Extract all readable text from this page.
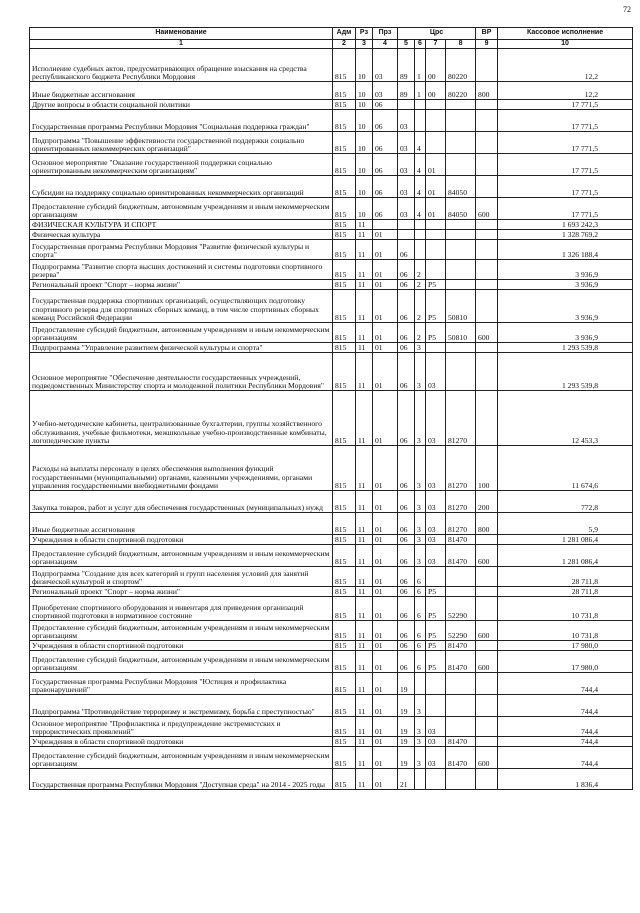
72
Наименование	Адм	Рз	Прз	Црс				ВР	Кассовое исполнение
1	2	3	4	5	6	7	8	9	10
Исполнение судебных актов, предусматривающих обращение взыскания на средства республиканского бюджета Республики Мордовия	815	10	03	89	1	00	80220		12,2
Иные бюджетные ассигнования	815	10	03	89	1	00	80220	800	12,2
Другие вопросы в области социальной политики	815	10	06						17 771,5
Государственная программа Республики Мордовия "Социальная поддержка граждан"	815	10	06	03					17 771,5
Подпрограмма "Повышение эффективности государственной поддержки социально ориентированных некоммерческих организаций"	815	10	06	03	4				17 771,5
Основное мероприятие "Оказание государственной поддержки социально ориентированным некоммерческим организациям"	815	10	06	03	4	01			17 771,5
Субсидии на поддержку социально ориентированных некоммерческих организаций	815	10	06	03	4	01	84050		17 771,5
Предоставление субсидий бюджетным, автономным учреждениям и иным некоммерческим организациям	815	10	06	03	4	01	84050	600	17 771,5
ФИЗИЧЕСКАЯ КУЛЬТУРА И СПОРТ	815	11							1 693 242,3
Физическая культура	815	11	01						1 328 769,2
Государственная программа Республики Мордовия "Развитие физической культуры и спорта"	815	11	01	06					1 326 188,4
Подпрограмма "Развитие спорта высших достижений и системы подготовки спортивного резерва"	815	11	01	06	2				3 936,9
Региональный проект "Спорт – норма жизни"	815	11	01	06	2	P5			3 936,9
Государственная поддержка спортивных организаций, осуществляющих подготовку спортивного резерва для спортивных сборных команд, в том числе спортивных сборных команд Российской Федерации	815	11	01	06	2	P5	50810		3 936,9
Предоставление субсидий бюджетным, автономным учреждениям и иным некоммерческим организациям	815	11	01	06	2	P5	50810	600	3 936,9
Подпрограмма "Управление развитием физической культуры и спорта"	815	11	01	06	3				1 293 539,8
Основное мероприятие "Обеспечение деятельности государственных учреждений, подведомственных Министерству спорта и молодежной политики Республики Мордовия"	815	11	01	06	3	03			1 293 539,8
Учебно-методические кабинеты, централизованные бухгалтерии, группы хозяйственного обслуживания, учебные фильмотеки, межшкольные учебно-производственные комбинаты, логопедические пункты	815	11	01	06	3	03	81270		12 453,3
Расходы на выплаты персоналу в целях обеспечения выполнения функций государственными (муниципальными) органами, казенными учреждениями, органами управления государственными внебюджетными фондами	815	11	01	06	3	03	81270	100	11 674,6
Закупка товаров, работ и услуг для обеспечения государственных (муниципальных) нужд	815	11	01	06	3	03	81270	200	772,8
Иные бюджетные ассигнования	815	11	01	06	3	03	81270	800	5,9
Учреждения в области спортивной подготовки	815	11	01	06	3	03	81470		1 281 086,4
Предоставление субсидий бюджетным, автономным учреждениям и иным некоммерческим организациям	815	11	01	06	3	03	81470	600	1 281 086,4
Подпрограмма "Создание для всех категорий и групп населения условий для занятий физической культурой и спортом"	815	11	01	06	6				28 711,8
Региональный проект "Спорт – норма жизни"	815	11	01	06	6	P5			28 711,8
Приобретение спортивного оборудования и инвентаря для приведения организаций спортивной подготовки в нормативное состояние	815	11	01	06	6	P5	52290		10 731,8
Предоставление субсидий бюджетным, автономным учреждениям и иным некоммерческим организациям	815	11	01	06	6	P5	52290	600	10 731,8
Учреждения в области спортивной подготовки	815	11	01	06	6	P5	81470		17 980,0
Предоставление субсидий бюджетным, автономным учреждениям и иным некоммерческим организациям	815	11	01	06	6	P5	81470	600	17 980,0
Государственная программа Республики Мордовия "Юстиция и профилактика правонарушений"	815	11	01	19					744,4
Подпрограмма "Противодействие терроризму и экстремизму, борьба с преступностью"	815	11	01	19	3				744,4
Основное мероприятие "Профилактика и предупреждение экстремистских и террористических проявлений"	815	11	01	19	3	03			744,4
Учреждения в области спортивной подготовки	815	11	01	19	3	03	81470		744,4
Предоставление субсидий бюджетным, автономным учреждениям и иным некоммерческим организациям	815	11	01	19	3	03	81470	600	744,4
Государственная программа Республики Мордовия "Доступная среда" на 2014 - 2025 годы	815	11	01	21					1 836,4
